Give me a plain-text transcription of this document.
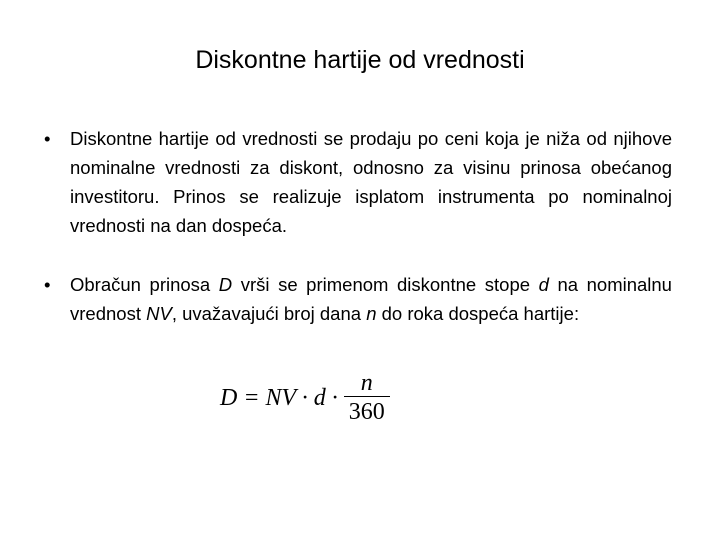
Diskontne hartije od vrednosti
• Diskontne hartije od vrednosti se prodaju po ceni koja je niža od njihove nominalne vrednosti za diskont, odnosno za visinu prinosa obećanog investitoru. Prinos se realizuje isplatom instrumenta po nominalnoj vrednosti na dan dospeća.
• Obračun prinosa D vrši se primenom diskontne stope d na nominalnu vrednost NV, uvažavajući broj dana n do roka dospeća hartije:
D = NV · $d \cdot \frac{n}{360}$
